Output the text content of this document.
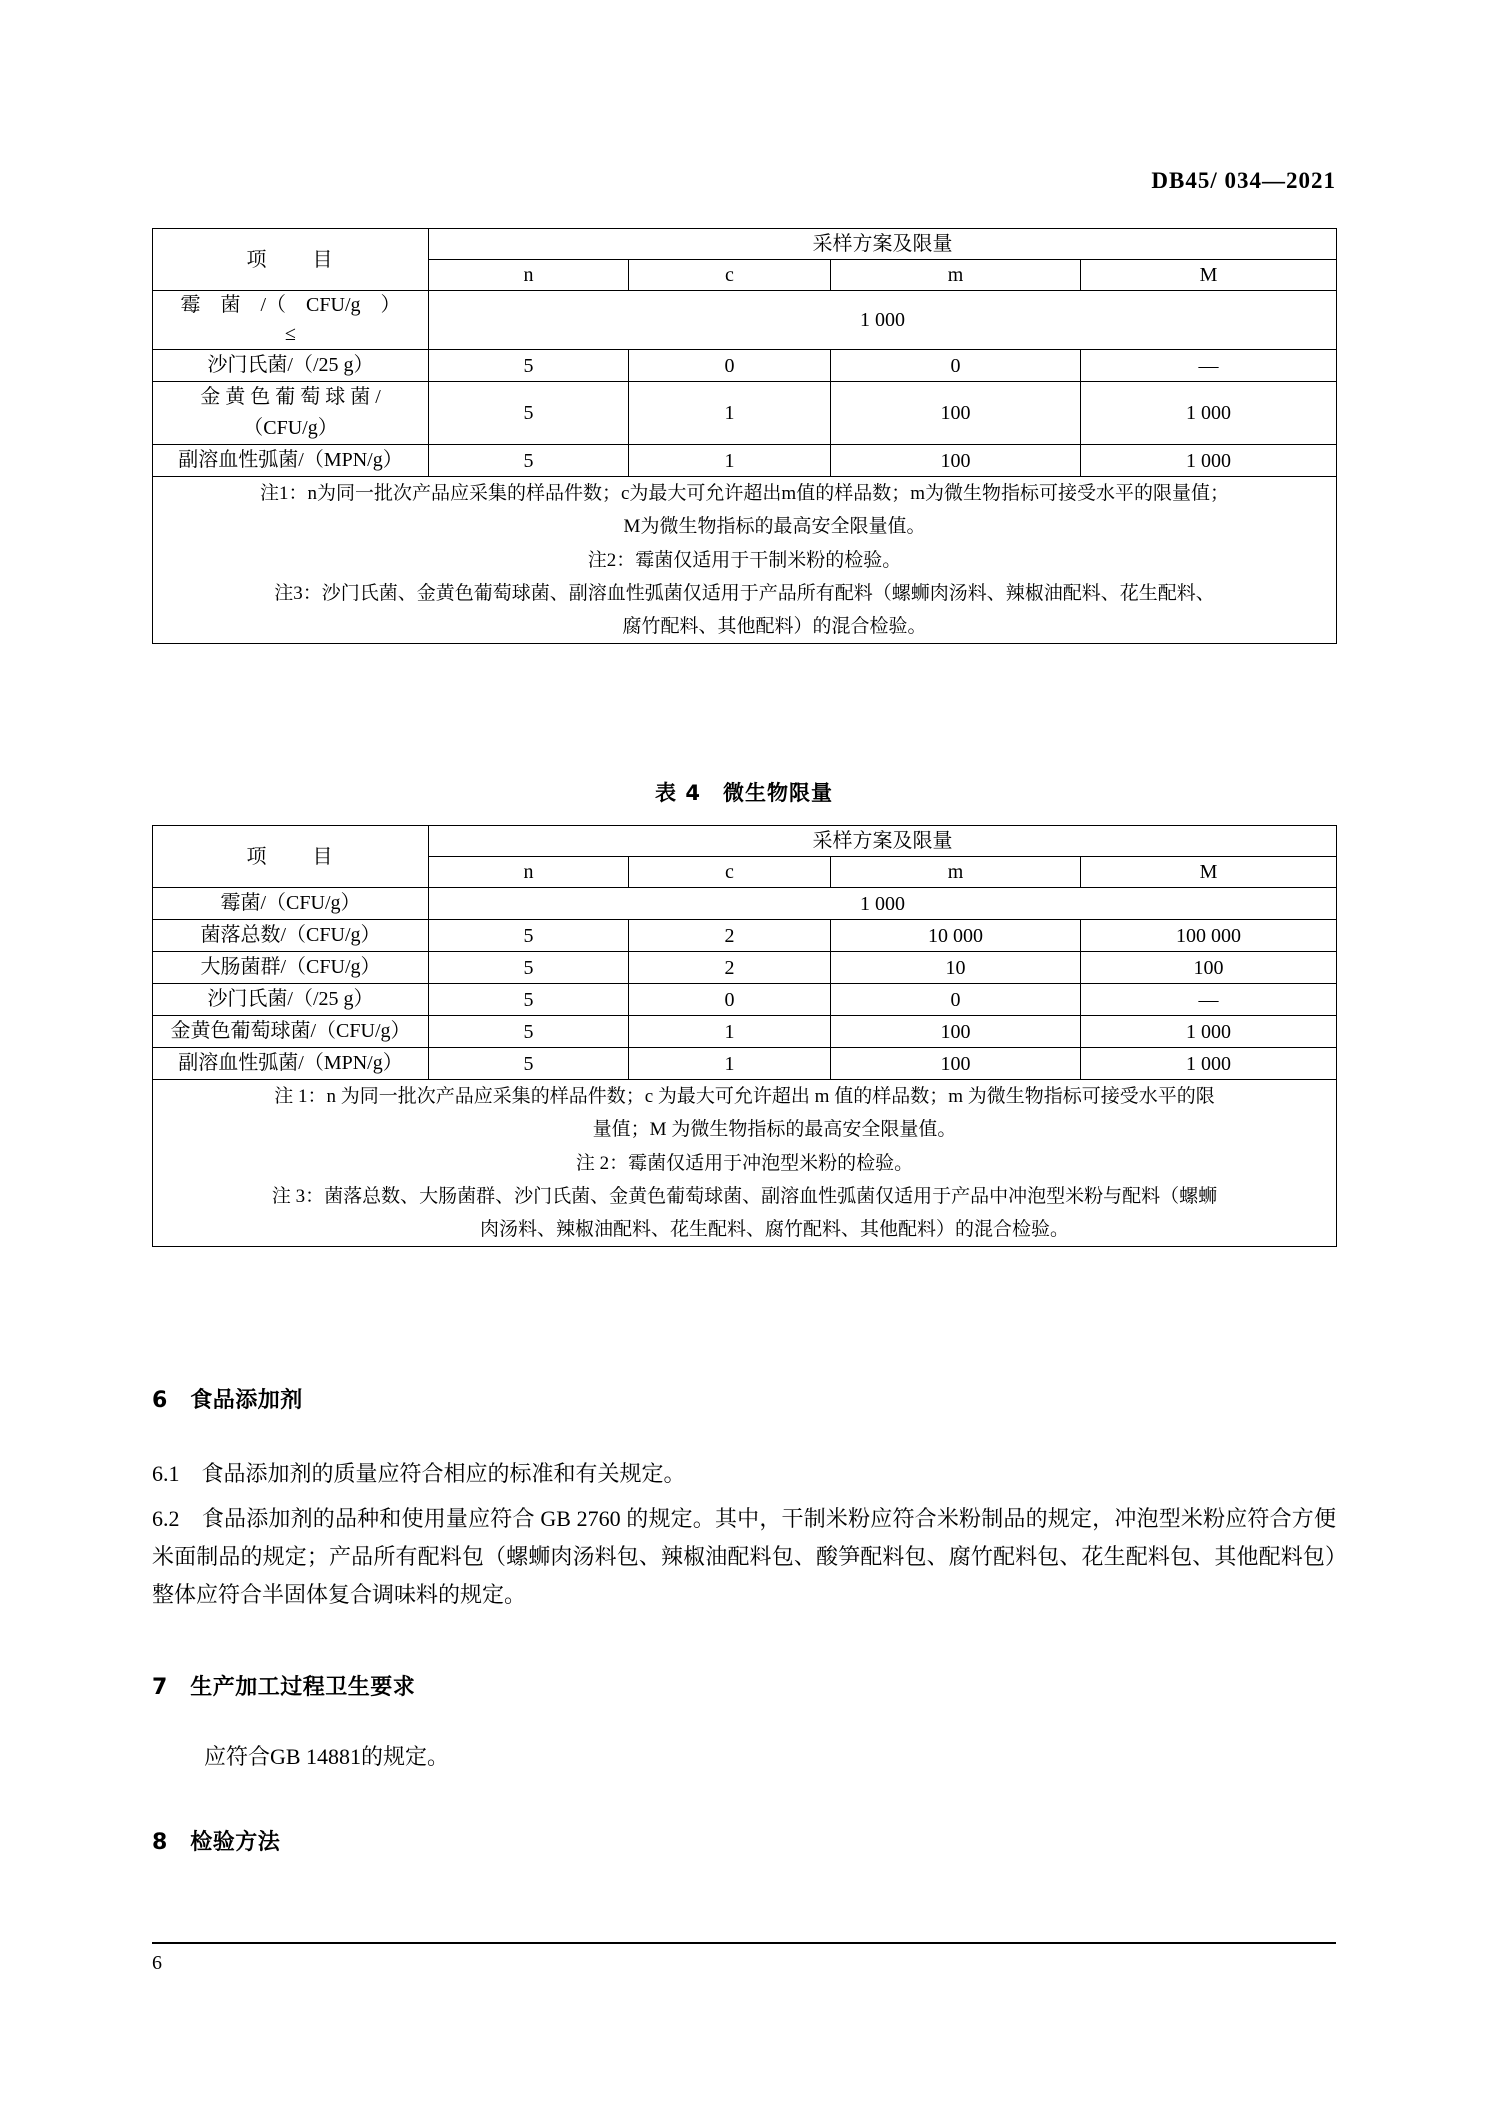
DB45/ 034—2021
项　　目	采样方案及限量			
	n	c	m	M
霉　菌　/（　CFU/g　）
≤	1 000			
沙门氏菌/（/25 g）	5	0	0	—
金 黄 色 葡 萄 球 菌 /
（CFU/g）	5	1	100	1 000
副溶血性弧菌/（MPN/g）	5	1	100	1 000

注1：n为同一批次产品应采集的样品件数；c为最大可允许超出m值的样品数；m为微生物指标可接受水平的限量值；
M为微生物指标的最高安全限量值。
注2：霉菌仅适用于干制米粉的检验。
注3：沙门氏菌、金黄色葡萄球菌、副溶血性弧菌仅适用于产品所有配料（螺蛳肉汤料、辣椒油配料、花生配料、
腐竹配料、其他配料）的混合检验。				
表 4　微生物限量
项　　目	采样方案及限量			
	n	c	m	M
霉菌/（CFU/g）	1 000			
菌落总数/（CFU/g）	5	2	10 000	100 000
大肠菌群/（CFU/g）	5	2	10	100
沙门氏菌/（/25 g）	5	0	0	—
金黄色葡萄球菌/（CFU/g）	5	1	100	1 000
副溶血性弧菌/（MPN/g）	5	1	100	1 000

注 1：n 为同一批次产品应采集的样品件数；c 为最大可允许超出 m 值的样品数；m 为微生物指标可接受水平的限
量值；M 为微生物指标的最高安全限量值。
注 2：霉菌仅适用于冲泡型米粉的检验。
注 3：菌落总数、大肠菌群、沙门氏菌、金黄色葡萄球菌、副溶血性弧菌仅适用于产品中冲泡型米粉与配料（螺蛳
肉汤料、辣椒油配料、花生配料、腐竹配料、其他配料）的混合检验。				
6　食品添加剂
6.1　食品添加剂的质量应符合相应的标准和有关规定。
6.2　食品添加剂的品种和使用量应符合 GB 2760 的规定。其中，干制米粉应符合米粉制品的规定，冲泡型米粉应符合方便米面制品的规定；产品所有配料包（螺蛳肉汤料包、辣椒油配料包、酸笋配料包、腐竹配料包、花生配料包、其他配料包）整体应符合半固体复合调味料的规定。
7　生产加工过程卫生要求
应符合GB 14881的规定。
8　检验方法
6
